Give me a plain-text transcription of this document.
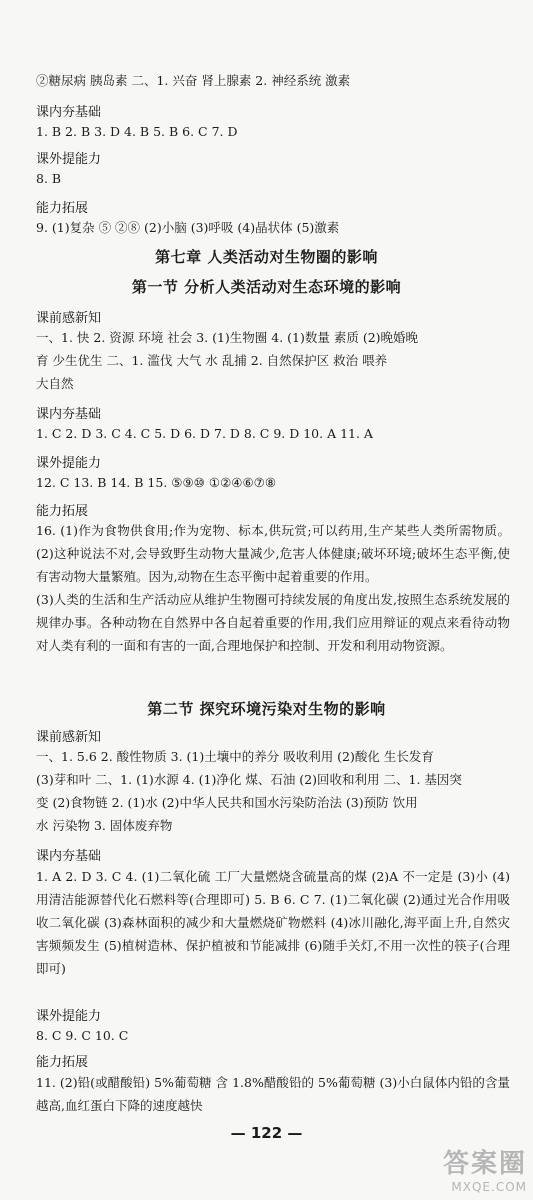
②糖尿病 胰岛素 二、1. 兴奋 肾上腺素 2. 神经系统 激素
课内夯基础
1. B 2. B 3. D 4. B 5. B 6. C 7. D
课外提能力
8. B
能力拓展
9. (1)复杂 ⑤ ②⑧ (2)小脑 (3)呼吸 (4)晶状体 (5)激素
第七章 人类活动对生物圈的影响
第一节 分析人类活动对生态环境的影响
课前感新知
一、1. 快 2. 资源 环境 社会 3. (1)生物圈 4. (1)数量 素质 (2)晚婚晚
育 少生优生 二、1. 滥伐 大气 水 乱捕 2. 自然保护区 救治 喂养
大自然
课内夯基础
1. C 2. D 3. C 4. C 5. D 6. D 7. D 8. C 9. D 10. A 11. A
课外提能力
12. C 13. B 14. B 15. ⑤⑨⑩ ①②④⑥⑦⑧
能力拓展
16. (1)作为食物供食用;作为宠物、标本,供玩赏;可以药用,生产某些人类所需物质。 (2)这种说法不对,会导致野生动物大量减少,危害人体健康;破坏环境;破坏生态平衡,使有害动物大量繁殖。因为,动物在生态平衡中起着重要的作用。
(3)人类的生活和生产活动应从维护生物圈可持续发展的角度出发,按照生态系统发展的规律办事。各种动物在自然界中各自起着重要的作用,我们应用辩证的观点来看待动物对人类有利的一面和有害的一面,合理地保护和控制、开发和利用动物资源。
第二节 探究环境污染对生物的影响
课前感新知
一、1. 5.6 2. 酸性物质 3. (1)土壤中的养分 吸收利用 (2)酸化 生长发育
(3)芽和叶 二、1. (1)水源 4. (1)净化 煤、石油 (2)回收和利用 二、1. 基因突
变 (2)食物链 2. (1)水 (2)中华人民共和国水污染防治法 (3)预防 饮用
水 污染物 3. 固体废弃物
课内夯基础
1. A 2. D 3. C 4. (1)二氧化硫 工厂大量燃烧含硫量高的煤 (2)A 不一定是 (3)小 (4)用清洁能源替代化石燃料等(合理即可) 5. B 6. C 7. (1)二氧化碳 (2)通过光合作用吸收二氧化碳 (3)森林面积的减少和大量燃烧矿物燃料 (4)冰川融化,海平面上升,自然灾害频频发生 (5)植树造林、保护植被和节能减排 (6)随手关灯,不用一次性的筷子(合理即可)
课外提能力
8. C 9. C 10. C
能力拓展
11. (2)铅(或醋酸铅) 5%葡萄糖 含 1.8%醋酸铅的 5%葡萄糖 (3)小白鼠体内铅的含量越高,血红蛋白下降的速度越快
— 122 —
答案圈
MXQE.COM
